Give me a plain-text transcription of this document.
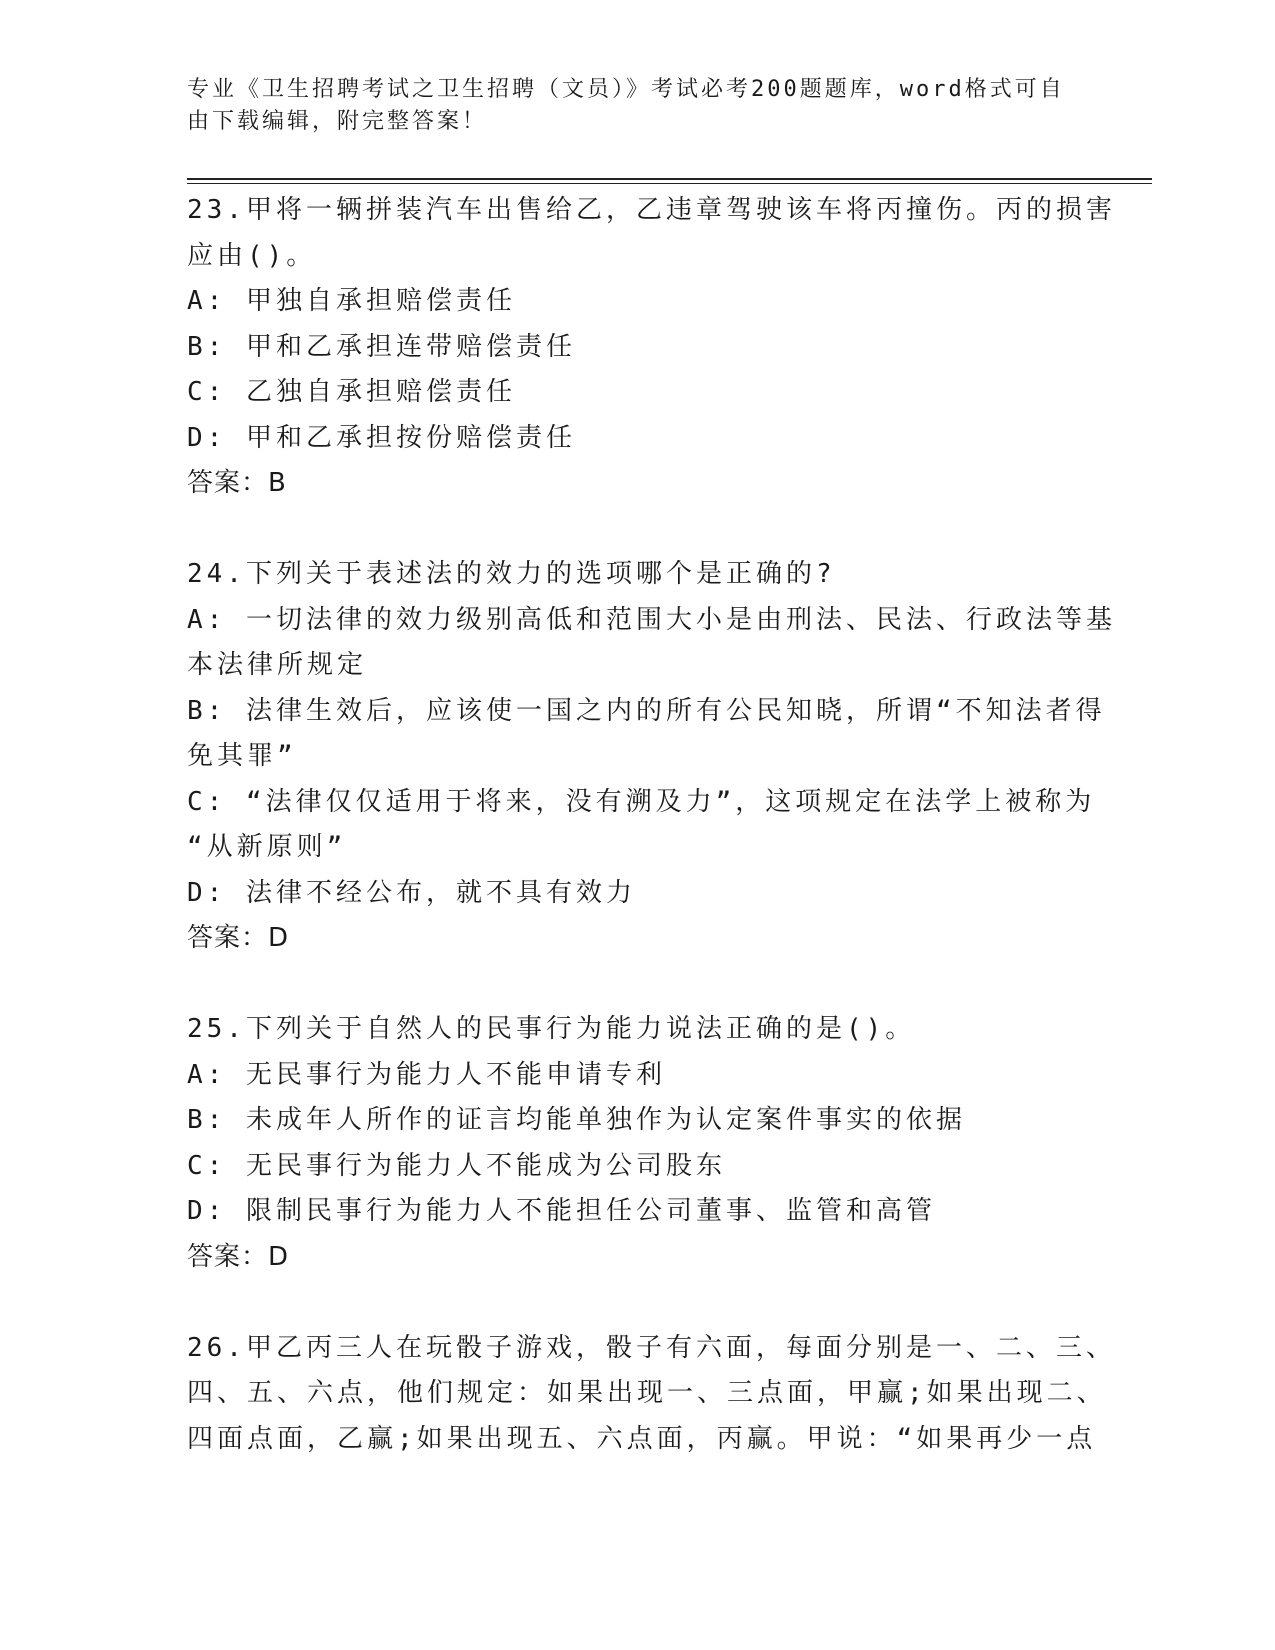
专业《卫生招聘考试之卫生招聘（文员）》考试必考200题题库，word格式可自由下载编辑，附完整答案！
23.甲将一辆拼装汽车出售给乙，乙违章驾驶该车将丙撞伤。丙的损害
应由()。
A: 甲独自承担赔偿责任
B: 甲和乙承担连带赔偿责任
C: 乙独自承担赔偿责任
D: 甲和乙承担按份赔偿责任
答案：B
24.下列关于表述法的效力的选项哪个是正确的?
A: 一切法律的效力级别高低和范围大小是由刑法、民法、行政法等基
本法律所规定
B: 法律生效后，应该使一国之内的所有公民知晓，所谓“不知法者得
免其罪”
C: “法律仅仅适用于将来，没有溯及力”，这项规定在法学上被称为
“从新原则”
D: 法律不经公布，就不具有效力
答案：D
25.下列关于自然人的民事行为能力说法正确的是()。
A: 无民事行为能力人不能申请专利
B: 未成年人所作的证言均能单独作为认定案件事实的依据
C: 无民事行为能力人不能成为公司股东
D: 限制民事行为能力人不能担任公司董事、监管和高管
答案：D
26.甲乙丙三人在玩骰子游戏，骰子有六面，每面分别是一、二、三、
四、五、六点，他们规定：如果出现一、三点面，甲赢;如果出现二、
四面点面，乙赢;如果出现五、六点面，丙赢。甲说：“如果再少一点
